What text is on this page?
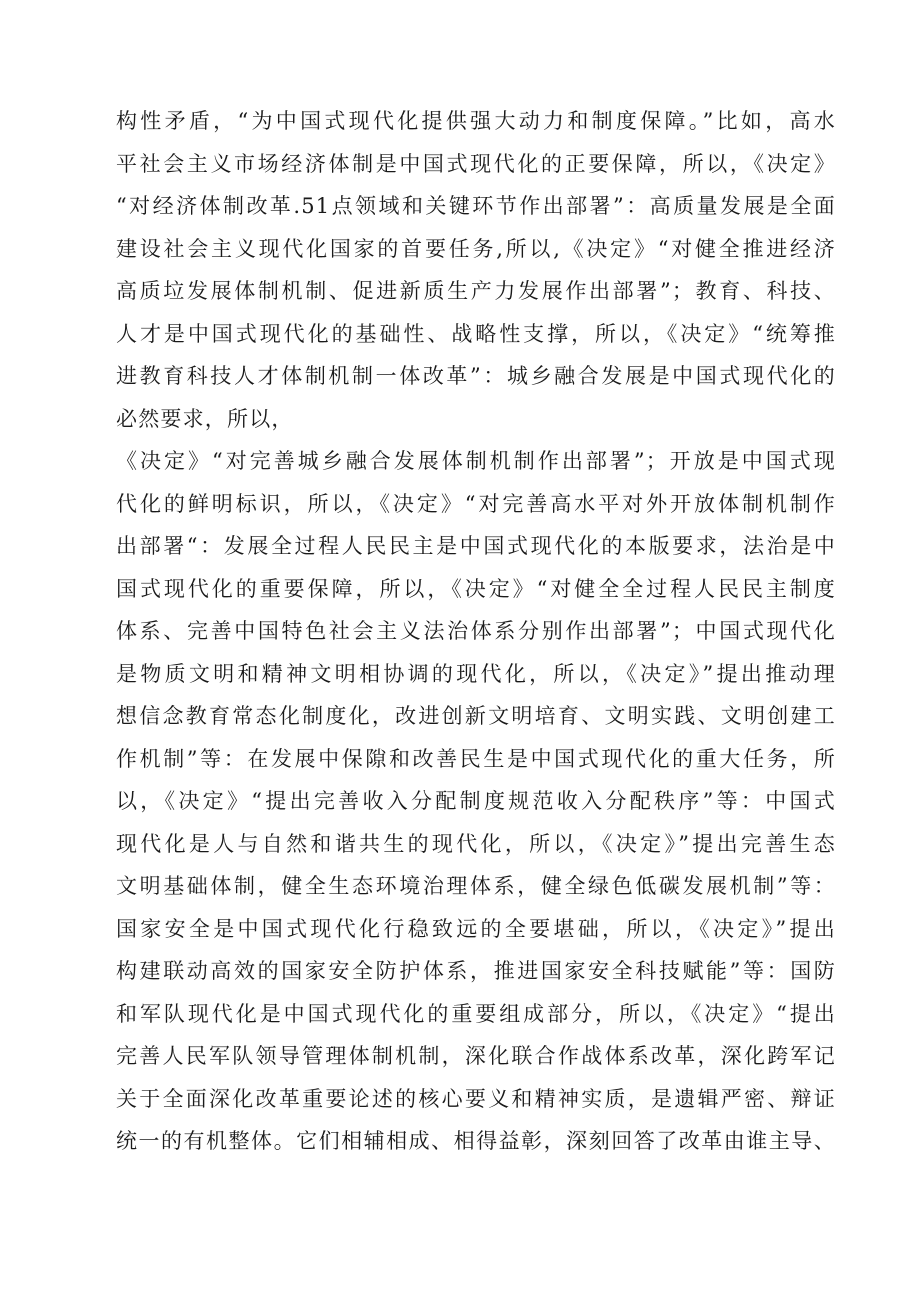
构性矛盾，“为中国式现代化提供强大动力和制度保障。”比如，高水
平社会主义市场经济体制是中国式现代化的正要保障，所以，《决定》
“对经济体制改革.51点领域和关键环节作出部署”：高质量发展是全面
建设社会主义现代化国家的首要任务,所以,《决定》“对健全推进经济
高质垃发展体制机制、促进新质生产力发展作出部署”；教育、科技、
人才是中国式现代化的基础性、战略性支撑，所以，《决定》“统筹推
进教育科技人才体制机制一体改革”：城乡融合发展是中国式现代化的
必然要求，所以，
《决定》“对完善城乡融合发展体制机制作出部署”；开放是中国式现
代化的鲜明标识，所以，《决定》“对完善高水平对外开放体制机制作
出部署“：发展全过程人民民主是中国式现代化的本版要求，法治是中
国式现代化的重要保障，所以，《决定》“对健全全过程人民民主制度
体系、完善中国特色社会主义法治体系分别作出部署”；中国式现代化
是物质文明和精神文明相协调的现代化，所以，《决定》”提出推动理
想信念教育常态化制度化，改进创新文明培育、文明实践、文明创建工
作机制”等：在发展中保隙和改善民生是中国式现代化的重大任务，所
以，《决定》“提出完善收入分配制度规范收入分配秩序”等：中国式
现代化是人与自然和谐共生的现代化，所以，《决定》”提出完善生态
文明基础体制，健全生态环境治理体系，健全绿色低碳发展机制”等：
国家安全是中国式现代化行稳致远的全要堪础，所以，《决定》”提出
构建联动高效的国家安全防护体系，推进国家安全科技赋能”等：国防
和军队现代化是中国式现代化的重要组成部分，所以，《决定》“提出
完善人民军队领导管理体制机制，深化联合作战体系改革，深化跨军记
关于全面深化改革重要论述的核心要义和精神实质，是遗辑严密、辩证
统一的有机整体。它们相辅相成、相得益彰，深刻回答了改革由谁主导、
